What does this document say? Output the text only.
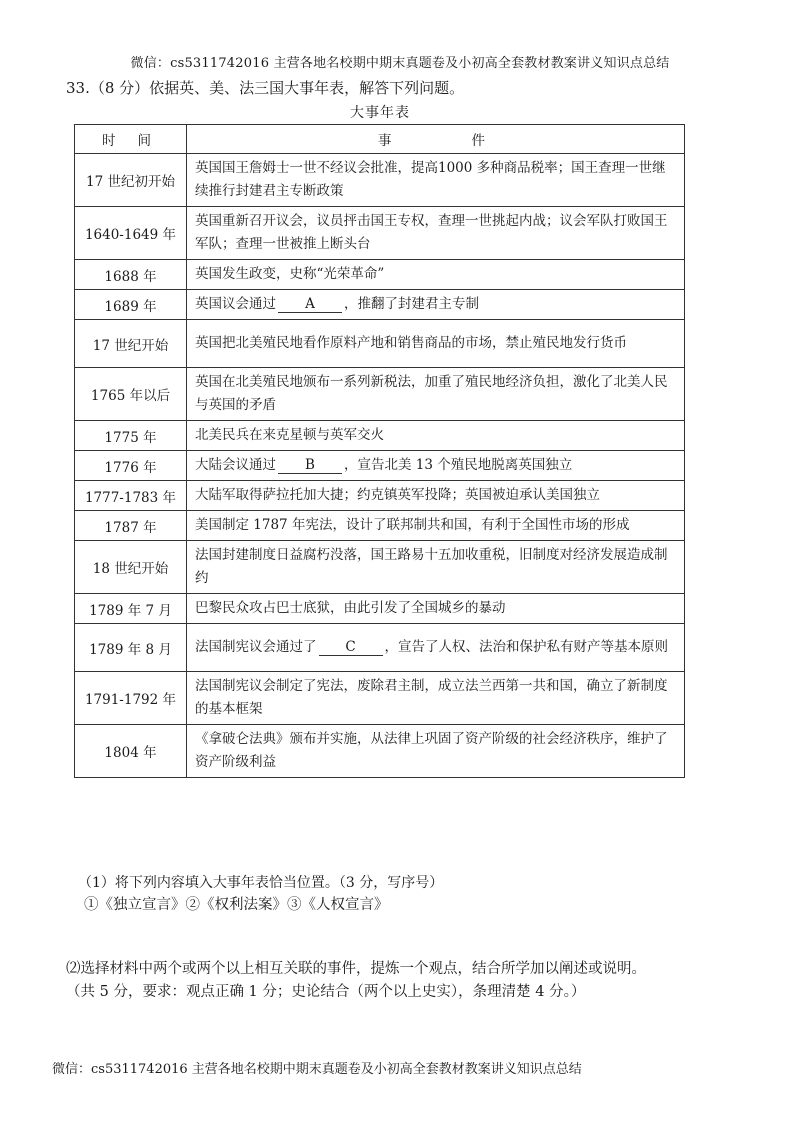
微信：cs5311742016 主营各地名校期中期末真题卷及小初高全套教材教案讲义知识点总结
33.（8 分）依据英、美、法三国大事年表，解答下列问题。
大事年表
时间	事件
17 世纪初开始	英国国王詹姆士一世不经议会批准，提高1000 多种商品税率；国王查理一世继续推行封建君主专断政策
1640-1649 年	英国重新召开议会，议员抨击国王专权，查理一世挑起内战；议会军队打败国王军队；查理一世被推上断头台
1688 年	英国发生政变，史称“光荣革命”
1689 年	英国议会通过 A ，推翻了封建君主专制
17 世纪开始	英国把北美殖民地看作原料产地和销售商品的市场，禁止殖民地发行货币
1765 年以后	英国在北美殖民地颁布一系列新税法，加重了殖民地经济负担，激化了北美人民与英国的矛盾
1775 年	北美民兵在来克星顿与英军交火
1776 年	大陆会议通过 B ，宣告北美 13 个殖民地脱离英国独立
1777-1783 年	大陆军取得萨拉托加大捷；约克镇英军投降；英国被迫承认美国独立
1787 年	美国制定 1787 年宪法，设计了联邦制共和国，有利于全国性市场的形成
18 世纪开始	法国封建制度日益腐朽没落，国王路易十五加收重税，旧制度对经济发展造成制约
1789 年 7 月	巴黎民众攻占巴士底狱，由此引发了全国城乡的暴动
1789 年 8 月	法国制宪议会通过了 C ，宣告了人权、法治和保护私有财产等基本原则
1791-1792 年	法国制宪议会制定了宪法，废除君主制，成立法兰西第一共和国，确立了新制度的基本框架
1804 年	《拿破仑法典》颁布并实施，从法律上巩固了资产阶级的社会经济秩序，维护了资产阶级利益
（1）将下列内容填入大事年表恰当位置。（3 分，写序号）
①《独立宣言》②《权利法案》③《人权宣言》
⑵选择材料中两个或两个以上相互关联的事件，提炼一个观点，结合所学加以阐述或说明。
（共 5 分，要求：观点正确 1 分；史论结合（两个以上史实），条理清楚 4 分。）
微信：cs5311742016 主营各地名校期中期末真题卷及小初高全套教材教案讲义知识点总结
